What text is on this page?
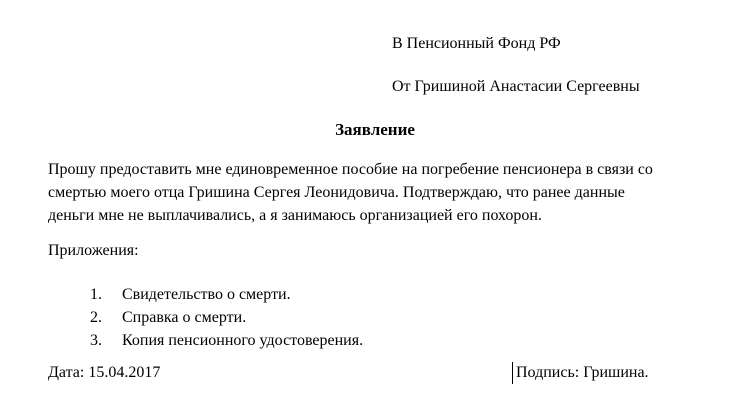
В Пенсионный Фонд РФ
От Гришиной Анастасии Сергеевны
Заявление
Прошу предоставить мне единовременное пособие на погребение пенсионера в связи со
смертью моего отца Гришина Сергея Леонидовича. Подтверждаю, что ранее данные
деньги мне не выплачивались, а я занимаюсь организацией его похорон.
Приложения:
1. Свидетельство о смерти.
2. Справка о смерти.
3. Копия пенсионного удостоверения.
Дата: 15.04.2017	Подпись: Гришина.
